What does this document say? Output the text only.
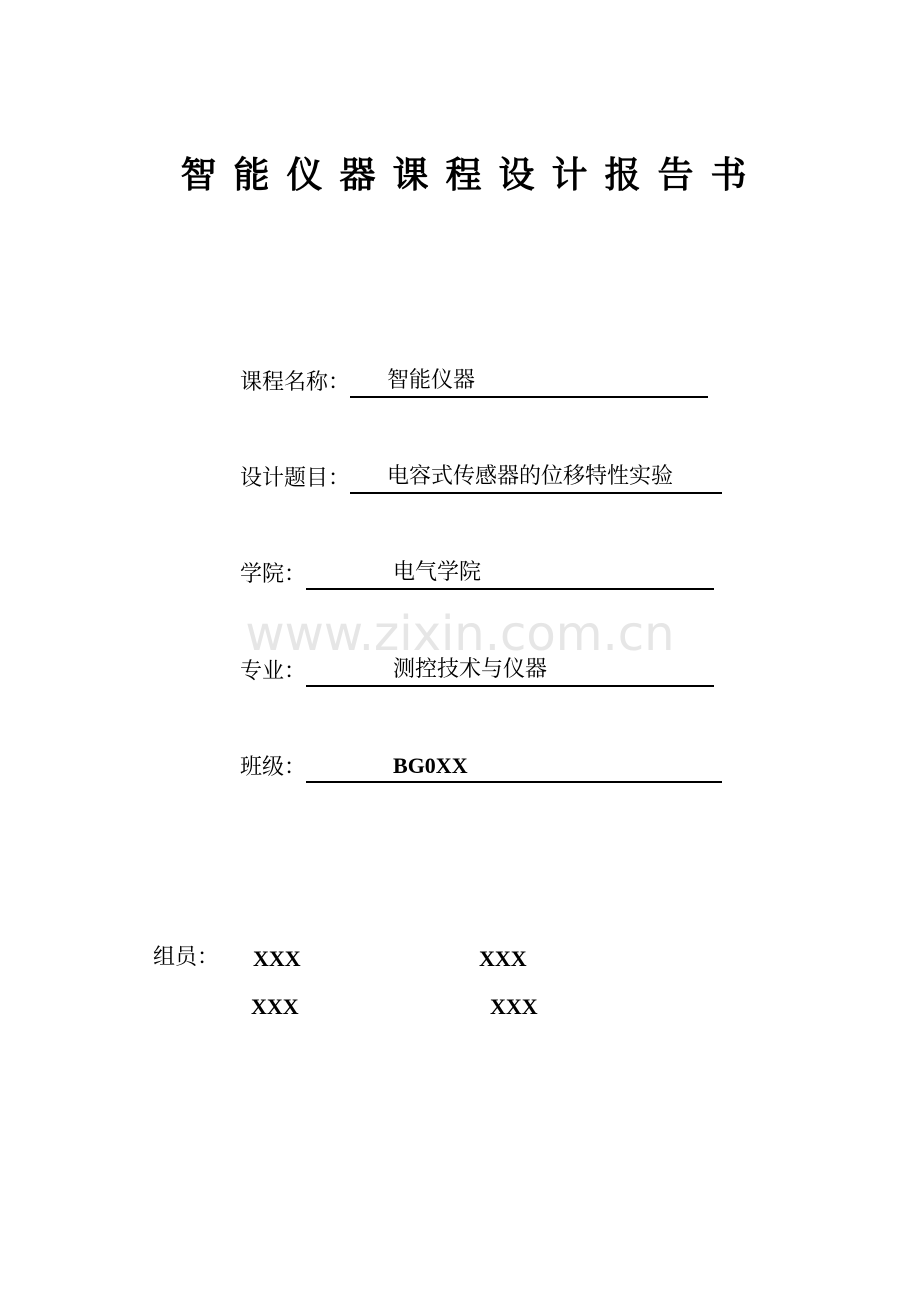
智能仪器课程设计报告书
课程名称： 智能仪器
设计题目： 电容式传感器的位移特性实验
学院：	电气学院
www.zixin.com.cn
专业：	测控技术与仪器
班级：	BG0XX
组员： XXX	XXX
XXX	XXX
